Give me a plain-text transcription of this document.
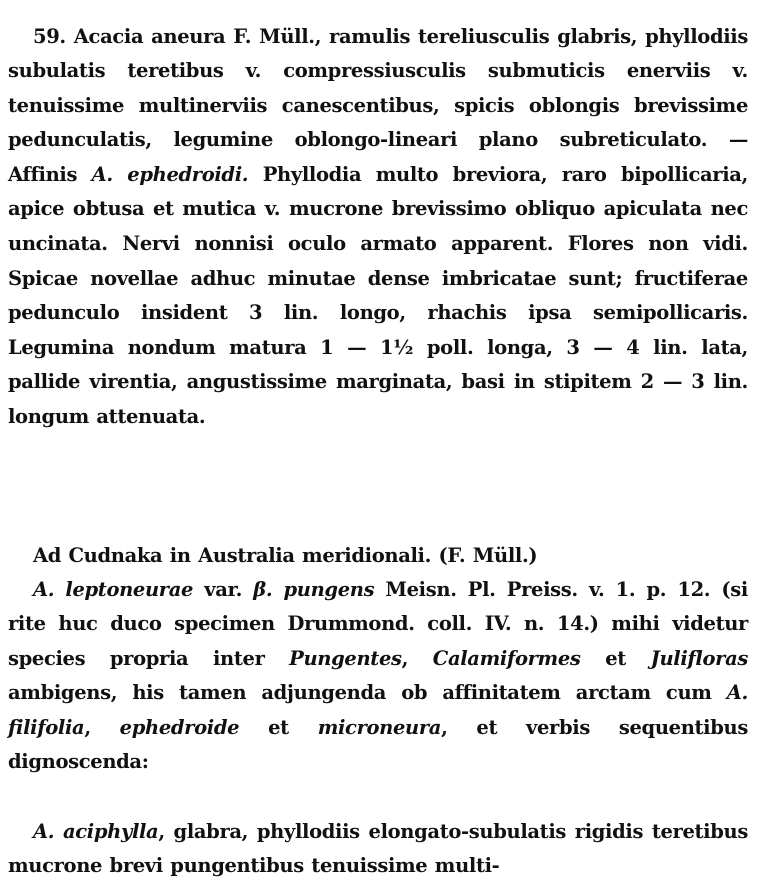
59. Acacia aneura F. Müll., ramulis tereliusculis glabris, phyllodiis subulatis teretibus v. compressiusculis submuticis enerviis v. tenuissime multinerviis canescentibus, spicis oblongis brevissime pedunculatis, legumine oblongo-lineari plano subreticulato. — Affinis A. ephedroidi. Phyllodia multo breviora, raro bipollicaria, apice obtusa et mutica v. mucrone brevissimo obliquo apiculata nec uncinata. Nervi nonnisi oculo armato apparent. Flores non vidi. Spicae novellae adhuc minutae dense imbricatae sunt; fructiferae pedunculo insident 3 lin. longo, rhachis ipsa semipollicaris. Legumina nondum matura 1 — 1½ poll. longa, 3 — 4 lin. lata, pallide virentia, angustissime marginata, basi in stipitem 2 — 3 lin. longum attenuata.

Ad Cudnaka in Australia meridionali. (F. Müll.)

A. leptoneurae var. β. pungens Meisn. Pl. Preiss. v. 1. p. 12. (si rite huc duco specimen Drummond. coll. IV. n. 14.) mihi videtur species propria inter Pungentes, Calamiformes et Julifloras ambigens, his tamen adjungenda ob affinitatem arctam cum A. filifolia, ephedroide et microneura, et verbis sequentibus dignoscenda:

A. aciphylla, glabra, phyllodiis elongato-subulatis rigidis teretibus mucrone brevi pungentibus tenuissime multi-
